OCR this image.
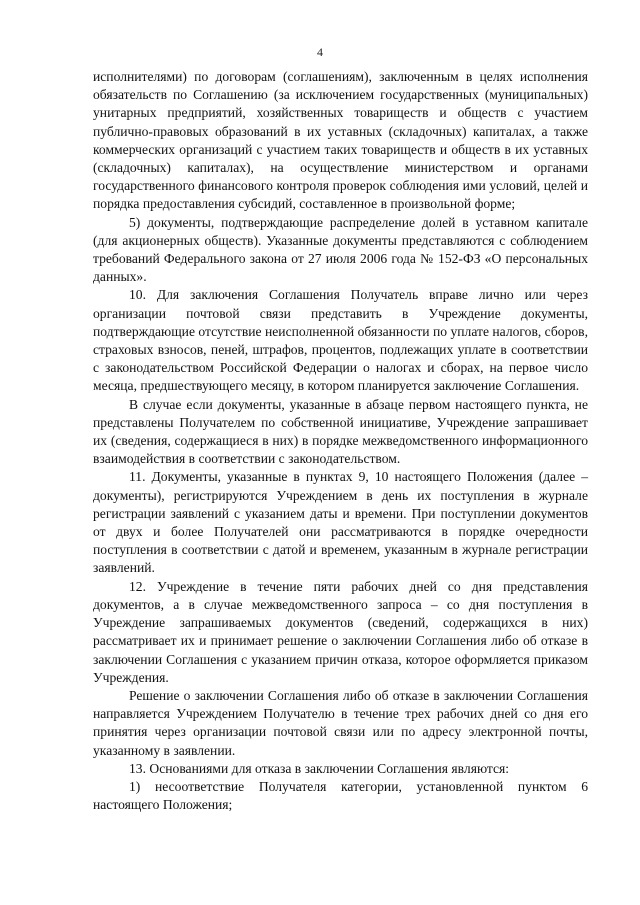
4

исполнителями) по договорам (соглашениям), заключенным в целях исполнения обязательств по Соглашению (за исключением государственных (муниципальных) унитарных предприятий, хозяйственных товариществ и обществ с участием публично-правовых образований в их уставных (складочных) капиталах, а также коммерческих организаций с участием таких товариществ и обществ в их уставных (складочных) капиталах), на осуществление министерством и органами государственного финансового контроля проверок соблюдения ими условий, целей и порядка предоставления субсидий, составленное в произвольной форме;

5) документы, подтверждающие распределение долей в уставном капитале (для акционерных обществ). Указанные документы представляются с соблюдением требований Федерального закона от 27 июля 2006 года № 152-ФЗ «О персональных данных».

10. Для заключения Соглашения Получатель вправе лично или через организации почтовой связи представить в Учреждение документы, подтверждающие отсутствие неисполненной обязанности по уплате налогов, сборов, страховых взносов, пеней, штрафов, процентов, подлежащих уплате в соответствии с законодательством Российской Федерации о налогах и сборах, на первое число месяца, предшествующего месяцу, в котором планируется заключение Соглашения.

В случае если документы, указанные в абзаце первом настоящего пункта, не представлены Получателем по собственной инициативе, Учреждение запрашивает их (сведения, содержащиеся в них) в порядке межведомственного информационного взаимодействия в соответствии с законодательством.

11. Документы, указанные в пунктах 9, 10 настоящего Положения (далее – документы), регистрируются Учреждением в день их поступления в журнале регистрации заявлений с указанием даты и времени. При поступлении документов от двух и более Получателей они рассматриваются в порядке очередности поступления в соответствии с датой и временем, указанным в журнале регистрации заявлений.

12. Учреждение в течение пяти рабочих дней со дня представления документов, а в случае межведомственного запроса – со дня поступления в Учреждение запрашиваемых документов (сведений, содержащихся в них) рассматривает их и принимает решение о заключении Соглашения либо об отказе в заключении Соглашения с указанием причин отказа, которое оформляется приказом Учреждения.

Решение о заключении Соглашения либо об отказе в заключении Соглашения направляется Учреждением Получателю в течение трех рабочих дней со дня его принятия через организации почтовой связи или по адресу электронной почты, указанному в заявлении.

13. Основаниями для отказа в заключении Соглашения являются:

1) несоответствие Получателя категории, установленной пунктом 6 настоящего Положения;
